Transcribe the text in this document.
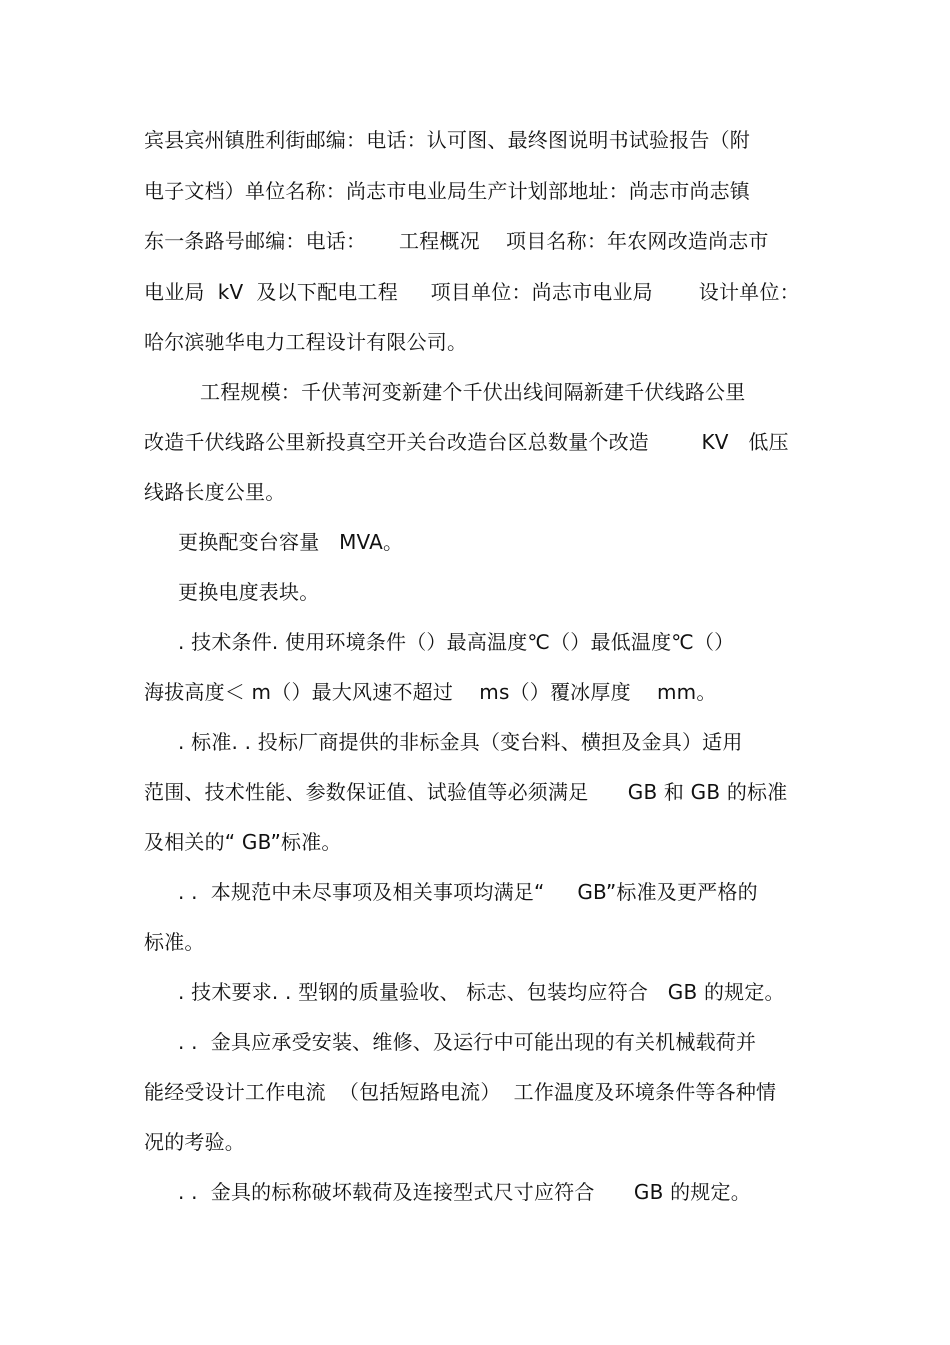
宾县宾州镇胜利街邮编：电话：认可图、最终图说明书试验报告（附
电子文档）单位名称：尚志市电业局生产计划部地址：尚志市尚志镇
东一条路号邮编：电话：     工程概况    项目名称：年农网改造尚志市
电业局  kV  及以下配电工程     项目单位：尚志市电业局       设计单位：
哈尔滨驰华电力工程设计有限公司。
工程规模：千伏苇河变新建个千伏出线间隔新建千伏线路公里
改造千伏线路公里新投真空开关台改造台区总数量个改造        KV   低压
线路长度公里。
更换配变台容量   MVA。
更换电度表块。
. 技术条件. 使用环境条件（）最高温度℃（）最低温度℃（）
海拔高度＜ m（）最大风速不超过    ms（）覆冰厚度    mm。
. 标准. . 投标厂商提供的非标金具（变台料、横担及金具）适用
范围、技术性能、参数保证值、试验值等必须满足      GB 和 GB 的标准
及相关的“ GB”标准。
. .  本规范中未尽事项及相关事项均满足“     GB”标准及更严格的
标准。
. 技术要求. . 型钢的质量验收、 标志、包装均应符合   GB 的规定。
. .  金具应承受安装、维修、及运行中可能出现的有关机械载荷并
能经受设计工作电流  （包括短路电流）  工作温度及环境条件等各种情
况的考验。
. .  金具的标称破坏载荷及连接型式尺寸应符合      GB 的规定。
